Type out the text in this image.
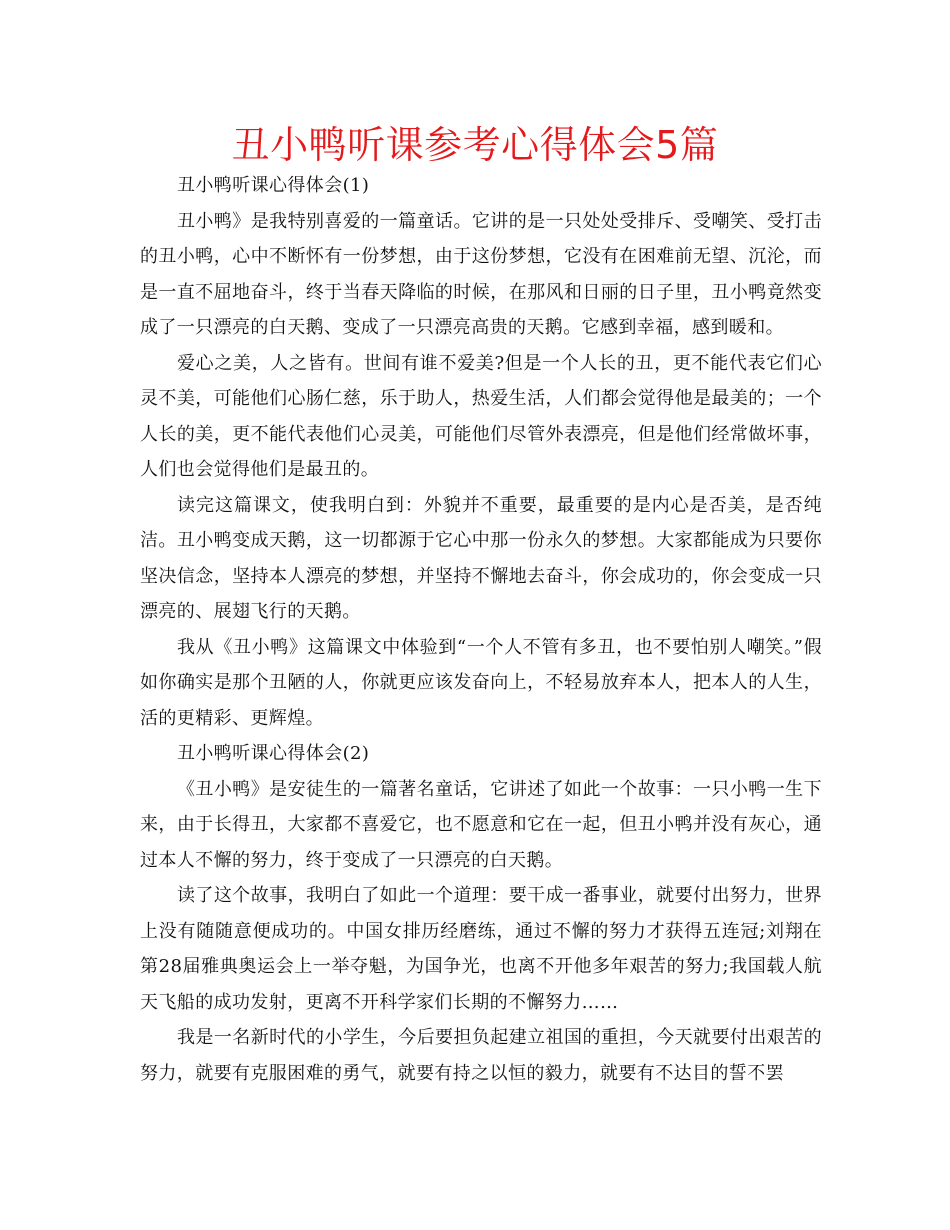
丑小鸭听课参考心得体会5篇

丑小鸭听课心得体会(1)

丑小鸭》是我特别喜爱的一篇童话。它讲的是一只处处受排斥、受嘲笑、受打击的丑小鸭，心中不断怀有一份梦想，由于这份梦想，它没有在困难前无望、沉沦，而是一直不屈地奋斗，终于当春天降临的时候，在那风和日丽的日子里，丑小鸭竟然变成了一只漂亮的白天鹅、变成了一只漂亮高贵的天鹅。它感到幸福，感到暖和。

爱心之美，人之皆有。世间有谁不爱美?但是一个人长的丑，更不能代表它们心灵不美，可能他们心肠仁慈，乐于助人，热爱生活，人们都会觉得他是最美的；一个人长的美，更不能代表他们心灵美，可能他们尽管外表漂亮，但是他们经常做坏事，人们也会觉得他们是最丑的。

读完这篇课文，使我明白到：外貌并不重要，最重要的是内心是否美，是否纯洁。丑小鸭变成天鹅，这一切都源于它心中那一份永久的梦想。大家都能成为只要你坚决信念，坚持本人漂亮的梦想，并坚持不懈地去奋斗，你会成功的，你会变成一只漂亮的、展翅飞行的天鹅。

我从《丑小鸭》这篇课文中体验到“一个人不管有多丑，也不要怕别人嘲笑。”假如你确实是那个丑陋的人，你就更应该发奋向上，不轻易放弃本人，把本人的人生，活的更精彩、更辉煌。

丑小鸭听课心得体会(2)

《丑小鸭》是安徒生的一篇著名童话，它讲述了如此一个故事：一只小鸭一生下来，由于长得丑，大家都不喜爱它，也不愿意和它在一起，但丑小鸭并没有灰心，通过本人不懈的努力，终于变成了一只漂亮的白天鹅。

读了这个故事，我明白了如此一个道理：要干成一番事业，就要付出努力，世界上没有随随意便成功的。中国女排历经磨练，通过不懈的努力才获得五连冠;刘翔在第28届雅典奥运会上一举夺魁，为国争光，也离不开他多年艰苦的努力;我国载人航天飞船的成功发射，更离不开科学家们长期的不懈努力……

我是一名新时代的小学生，今后要担负起建立祖国的重担，今天就要付出艰苦的努力，就要有克服困难的勇气，就要有持之以恒的毅力，就要有不达目的誓不罢
